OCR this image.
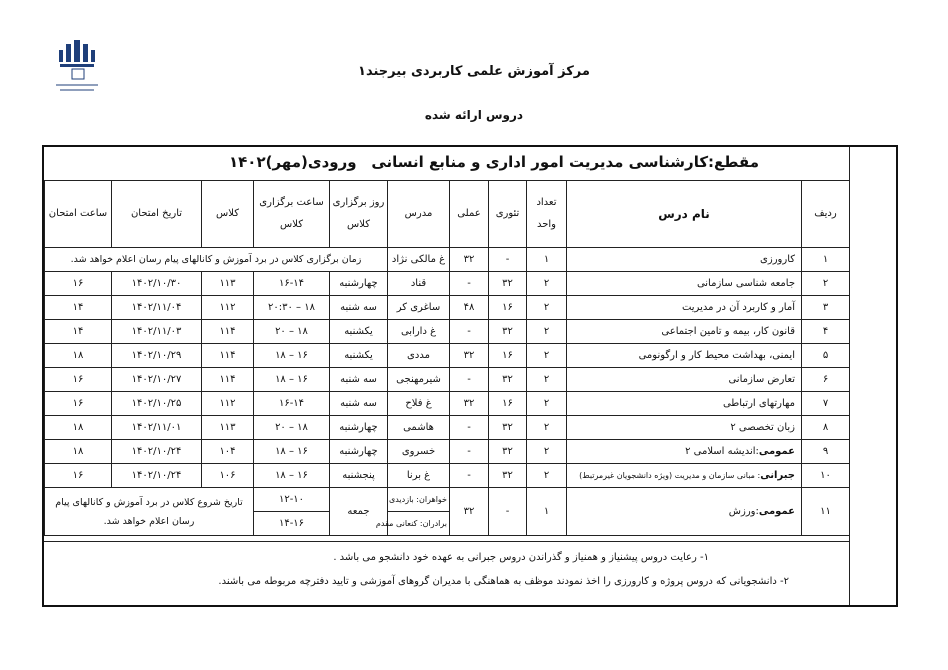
مرکز آموزش علمی کاربردی بیرجند۱
دروس ارائه شده
مقطع:کارشناسی مدیریت امور اداری و منابع انسانی
ورودی(مهر)۱۴۰۲
ردیف	نام درس	تعداد واحد	تئوری	عملی	مدرس	روز برگزاری کلاس	ساعت برگزاری کلاس	کلاس	تاریخ امتحان	ساعت امتحان
۱	کارورزی	۱	-	۳۲	غ مالکی نژاد	زمان برگزاری کلاس در برد آموزش و کانالهای پیام رسان اعلام خواهد شد.				
۲	جامعه شناسی سازمانی	۲	۳۲	-	قناد	چهارشنبه	۱۶-۱۴	۱۱۳	۱۴۰۲/۱۰/۳۰	۱۶
۳	آمار و کاربرد آن در مدیریت	۲	۱۶	۴۸	ساغری کر	سه شنبه	۱۸ – ۲۰:۳۰	۱۱۲	۱۴۰۲/۱۱/۰۴	۱۴
۴	قانون کار، بیمه و تامین اجتماعی	۲	۳۲	-	غ دارابی	یکشنبه	۱۸ – ۲۰	۱۱۴	۱۴۰۲/۱۱/۰۳	۱۴
۵	ایمنی، بهداشت محیط کار و ارگونومی	۲	۱۶	۳۲	مددی	یکشنبه	۱۶ – ۱۸	۱۱۴	۱۴۰۲/۱۰/۲۹	۱۸
۶	تعارض سازمانی	۲	۳۲	-	شیرمهنجی	سه شنبه	۱۶ – ۱۸	۱۱۴	۱۴۰۲/۱۰/۲۷	۱۶
۷	مهارتهای ارتباطی	۲	۱۶	۳۲	غ فلاح	سه شنبه	۱۶-۱۴	۱۱۲	۱۴۰۲/۱۰/۲۵	۱۶
۸	زبان تخصصی ۲	۲	۳۲	-	هاشمی	چهارشنبه	۱۸ – ۲۰	۱۱۳	۱۴۰۲/۱۱/۰۱	۱۸
۹	عمومی:اندیشه اسلامی ۲	۲	۳۲	-	خسروی	چهارشنبه	۱۶ – ۱۸	۱۰۴	۱۴۰۲/۱۰/۲۴	۱۸
۱۰	جبرانی: مبانی سازمان و مدیریت (ویژه دانشجویان غیرمرتبط)	۲	۳۲	-	غ برنا	پنجشنبه	۱۶ – ۱۸	۱۰۶	۱۴۰۲/۱۰/۲۴	۱۶
۱۱	عمومی:ورزش	۱	-	۳۲	خواهران: بازدیدی	جمعه	۱۲-۱۰	تاریخ شروع کلاس در برد آموزش و کانالهای پیام رسان اعلام خواهد شد.		
					برادران: کنعانی مقدم		۱۴-۱۶			
۱- رعایت دروس پیشنیاز و همنیاز و گذراندن دروس جبرانی به عهده خود دانشجو می باشد .
۲- دانشجویانی که دروس پروژه و کارورزی را اخذ نمودند موظف به هماهنگی با مدیران گروهای آموزشی و تایید دفترچه مربوطه می باشند.
